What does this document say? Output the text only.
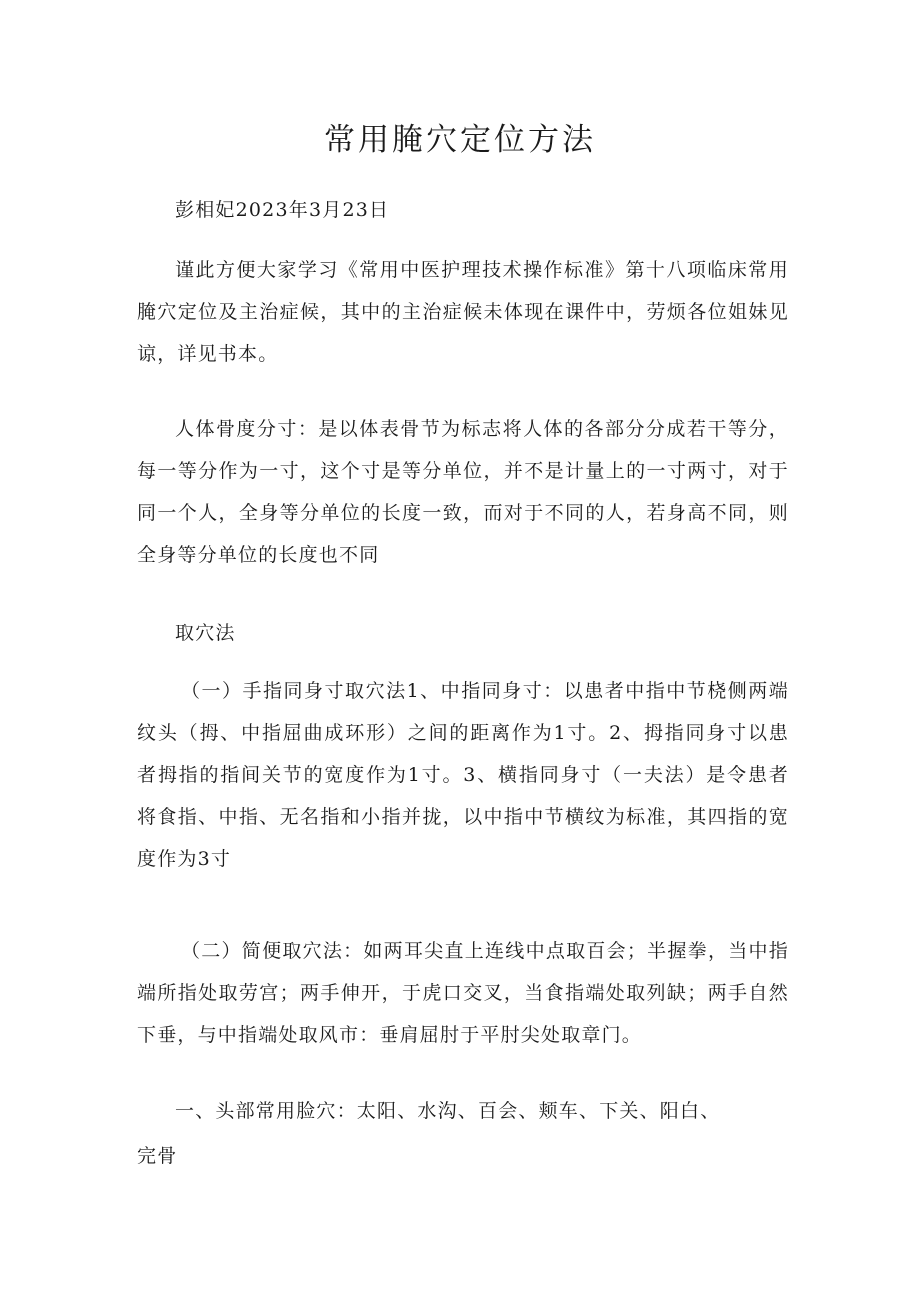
常用腌穴定位方法

彭相妃2023年3月23日

谨此方便大家学习《常用中医护理技术操作标准》第十八项临床常用腌穴定位及主治症候，其中的主治症候未体现在课件中，劳烦各位姐妹见谅，详见书本。

人体骨度分寸：是以体表骨节为标志将人体的各部分分成若干等分，每一等分作为一寸，这个寸是等分单位，并不是计量上的一寸两寸，对于同一个人，全身等分单位的长度一致，而对于不同的人，若身高不同，则全身等分单位的长度也不同

取穴法

（一）手指同身寸取穴法1、中指同身寸：以患者中指中节桡侧两端纹头（拇、中指屈曲成环形）之间的距离作为1寸。2、拇指同身寸以患者拇指的指间关节的宽度作为1寸。3、横指同身寸（一夫法）是令患者将食指、中指、无名指和小指并拢，以中指中节横纹为标准，其四指的宽度作为3寸

（二）简便取穴法：如两耳尖直上连线中点取百会；半握拳，当中指端所指处取劳宫；两手伸开，于虎口交叉，当食指端处取列缺；两手自然下垂，与中指端处取风市：垂肩屈肘于平肘尖处取章门。

一、头部常用脸穴：太阳、水沟、百会、颊车、下关、阳白、

完骨
